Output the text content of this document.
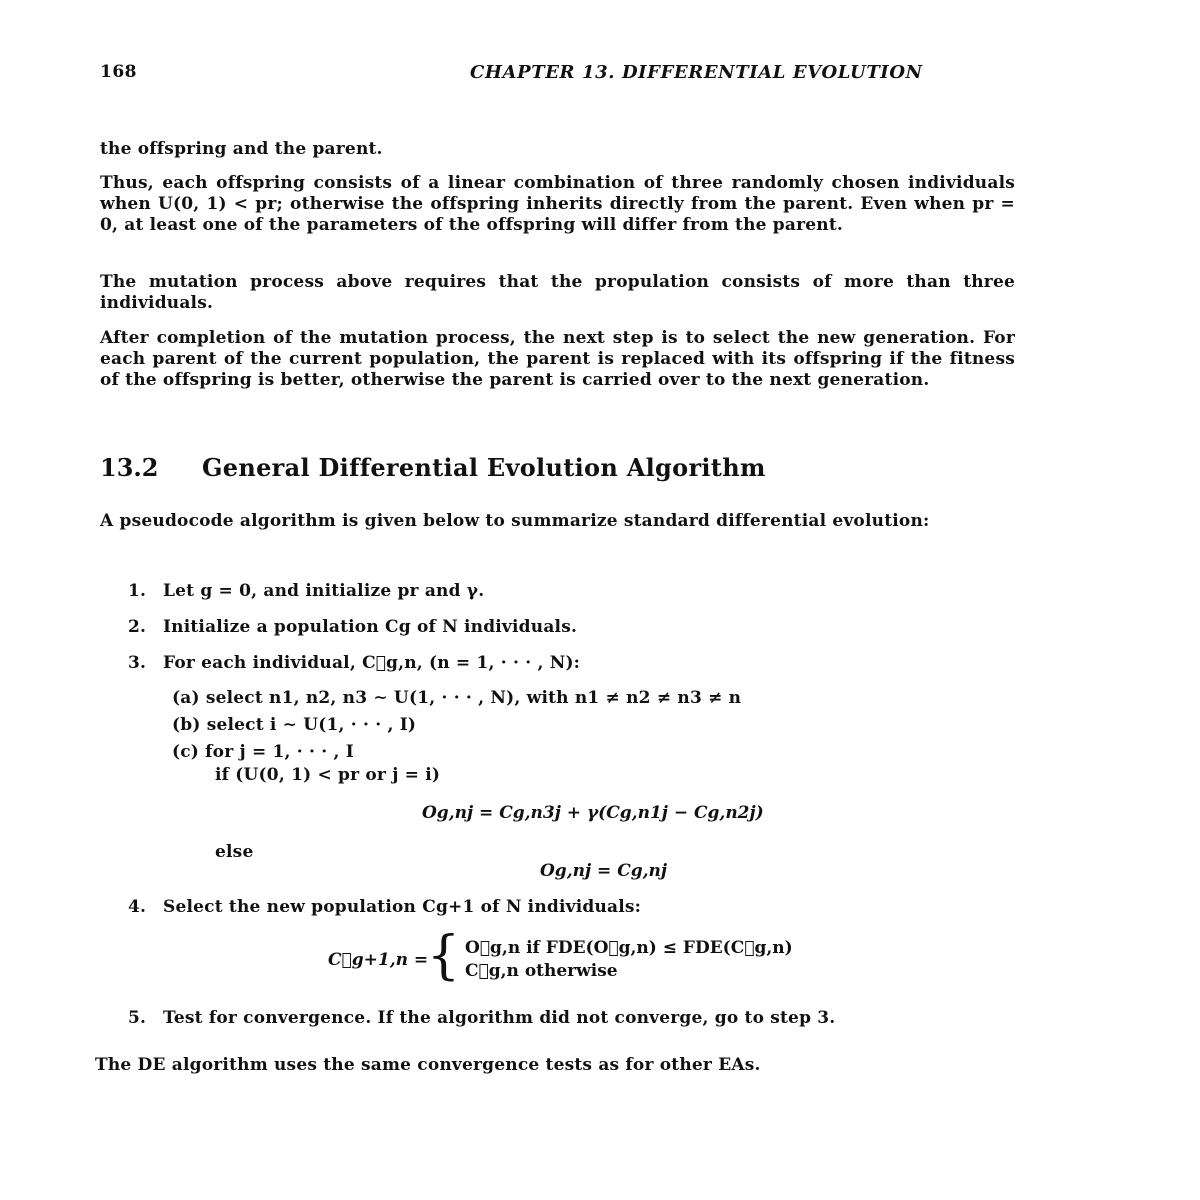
168	CHAPTER 13. DIFFERENTIAL EVOLUTION
the offspring and the parent.
Thus, each offspring consists of a linear combination of three randomly chosen individuals when U(0, 1) < pr; otherwise the offspring inherits directly from the parent. Even when pr = 0, at least one of the parameters of the offspring will differ from the parent.
The mutation process above requires that the propulation consists of more than three individuals.
After completion of the mutation process, the next step is to select the new generation. For each parent of the current population, the parent is replaced with its offspring if the fitness of the offspring is better, otherwise the parent is carried over to the next generation.
13.2 General Differential Evolution Algorithm
A pseudocode algorithm is given below to summarize standard differential evolution:
1. Let g = 0, and initialize pr and γ.
2. Initialize a population Cg of N individuals.
3. For each individual, C⃗g,n, (n = 1, · · · , N):
(a) select n1, n2, n3 ∼ U(1, · · · , N), with n1 ≠ n2 ≠ n3 ≠ n
(b) select i ∼ U(1, · · · , I)
(c) for j = 1, · · · , I
if (U(0, 1) < pr or j = i)
Og,nj = Cg,n3j + γ(Cg,n1j − Cg,n2j)
else
Og,nj = Cg,nj
4. Select the new population Cg+1 of N individuals:
C⃗g+1,n =
{ O⃗g,n if FDE(O⃗g,n) ≤ FDE(C⃗g,n)
C⃗g,n otherwise
5. Test for convergence. If the algorithm did not converge, go to step 3.
The DE algorithm uses the same convergence tests as for other EAs.
